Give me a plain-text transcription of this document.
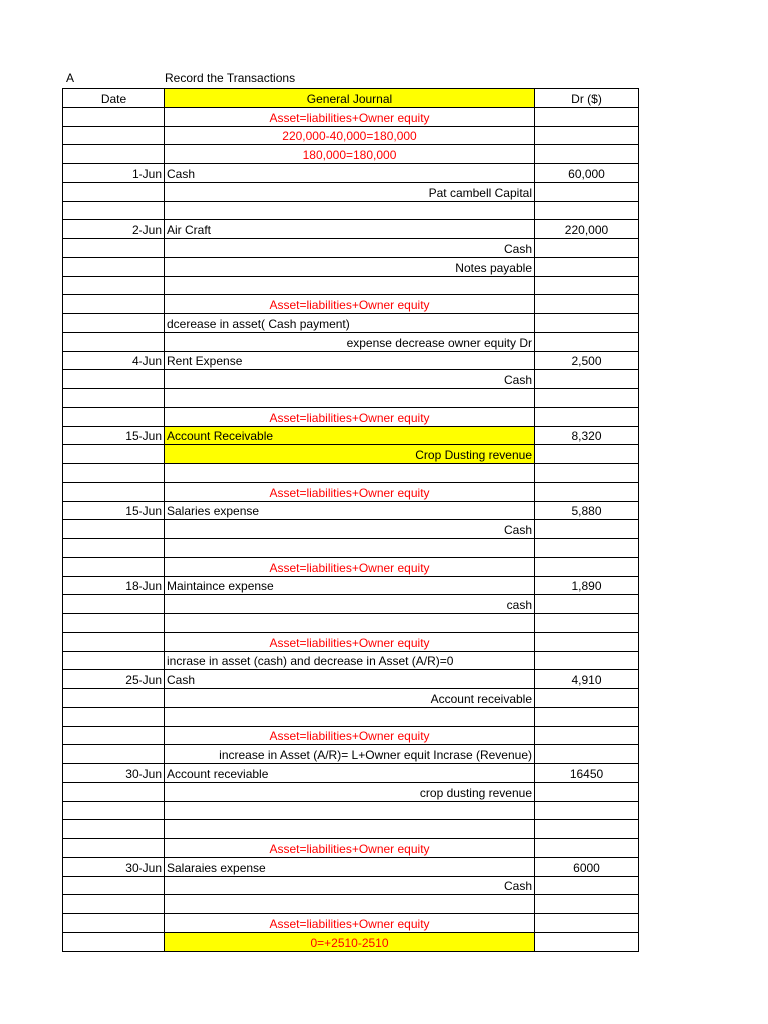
A	Record the Transactions
Date	General Journal	Dr ($)
	Asset=liabilities+Owner equity	
	220,000-40,000=180,000	
	180,000=180,000	
1-Jun	Cash	60,000
	Pat cambell Capital	

2-Jun	Air Craft	220,000
	Cash	
	Notes payable	

	Asset=liabilities+Owner equity	
	dcerease in asset( Cash payment)	
	expense decrease owner equity Dr	
4-Jun	Rent Expense	2,500
	Cash	

	Asset=liabilities+Owner equity	
15-Jun	Account Receivable	8,320
	Crop Dusting revenue	

	Asset=liabilities+Owner equity	
15-Jun	Salaries expense	5,880
	Cash	

	Asset=liabilities+Owner equity	
18-Jun	Maintaince expense	1,890
	cash	

	Asset=liabilities+Owner equity	
	incrase in asset (cash) and decrease in Asset (A/R)=0	
25-Jun	Cash	4,910
	Account receivable	

	Asset=liabilities+Owner equity	
	increase in Asset (A/R)= L+Owner equit Incrase (Revenue)	
30-Jun	Account receviable	16450
	crop dusting revenue	

	Asset=liabilities+Owner equity	
30-Jun	Salaraies expense	6000
	Cash	

	Asset=liabilities+Owner equity	
	0=+2510-2510	
